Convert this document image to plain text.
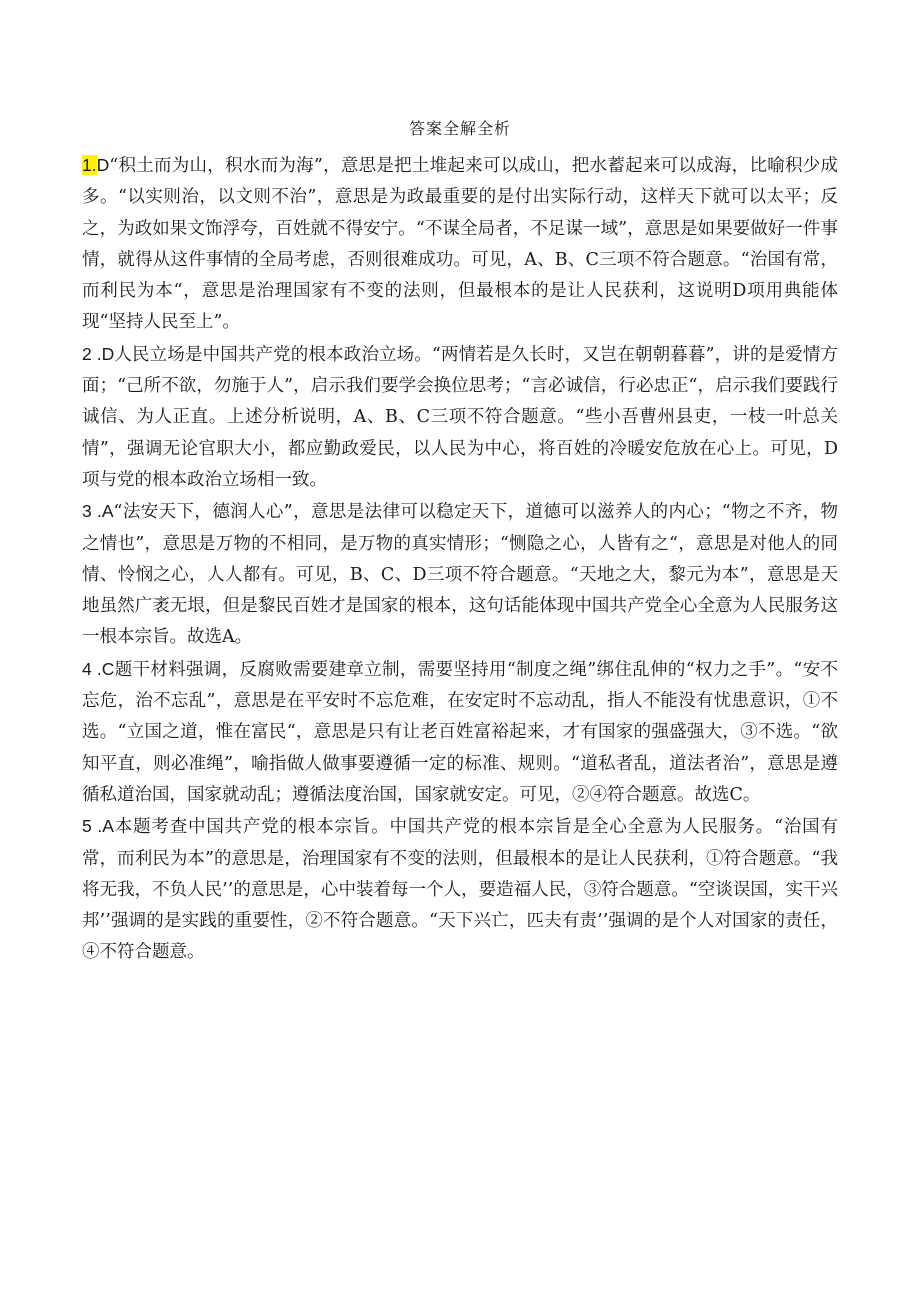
答案全解全析

1.D“积土而为山，积水而为海”，意思是把土堆起来可以成山，把水蓄起来可以成海，比喻积少成多。“以实则治，以文则不治”，意思是为政最重要的是付出实际行动，这样天下就可以太平；反之，为政如果文饰浮夸，百姓就不得安宁。“不谋全局者，不足谋一域”，意思是如果要做好一件事情，就得从这件事情的全局考虑，否则很难成功。可见，A、B、C三项不符合题意。“治国有常，而利民为本“，意思是治理国家有不变的法则，但最根本的是让人民获利，这说明D项用典能体现“坚持人民至上”。

2 .D人民立场是中国共产党的根本政治立场。“两情若是久长时，又岂在朝朝暮暮”，讲的是爱情方面；“己所不欲，勿施于人”，启示我们要学会换位思考；“言必诚信，行必忠正“，启示我们要践行诚信、为人正直。上述分析说明，A、B、C三项不符合题意。“些小吾曹州县吏，一枝一叶总关情”，强调无论官职大小，都应勤政爱民，以人民为中心，将百姓的冷暖安危放在心上。可见，D项与党的根本政治立场相一致。

3 .A“法安天下，德润人心”，意思是法律可以稳定天下，道德可以滋养人的内心；“物之不齐，物之情也”，意思是万物的不相同，是万物的真实情形；“恻隐之心，人皆有之“，意思是对他人的同情、怜悯之心，人人都有。可见，B、C、D三项不符合题意。“天地之大，黎元为本”，意思是天地虽然广袤无垠，但是黎民百姓才是国家的根本，这句话能体现中国共产党全心全意为人民服务这一根本宗旨。故选A。

4 .C题干材料强调，反腐败需要建章立制，需要坚持用“制度之绳”绑住乱伸的“权力之手”。“安不忘危，治不忘乱”，意思是在平安时不忘危难，在安定时不忘动乱，指人不能没有忧患意识，①不选。“立国之道，惟在富民“，意思是只有让老百姓富裕起来，才有国家的强盛强大，③不选。“欲知平直，则必准绳”，喻指做人做事要遵循一定的标准、规则。“道私者乱，道法者治”，意思是遵循私道治国，国家就动乱；遵循法度治国，国家就安定。可见，②④符合题意。故选C。

5 .A本题考查中国共产党的根本宗旨。中国共产党的根本宗旨是全心全意为人民服务。“治国有常，而利民为本”的意思是，治理国家有不变的法则，但最根本的是让人民获利，①符合题意。“我将无我，不负人民’’的意思是，心中装着每一个人，要造福人民，③符合题意。“空谈误国，实干兴邦’’强调的是实践的重要性，②不符合题意。“天下兴亡，匹夫有责’’强调的是个人对国家的责任，④不符合题意。
